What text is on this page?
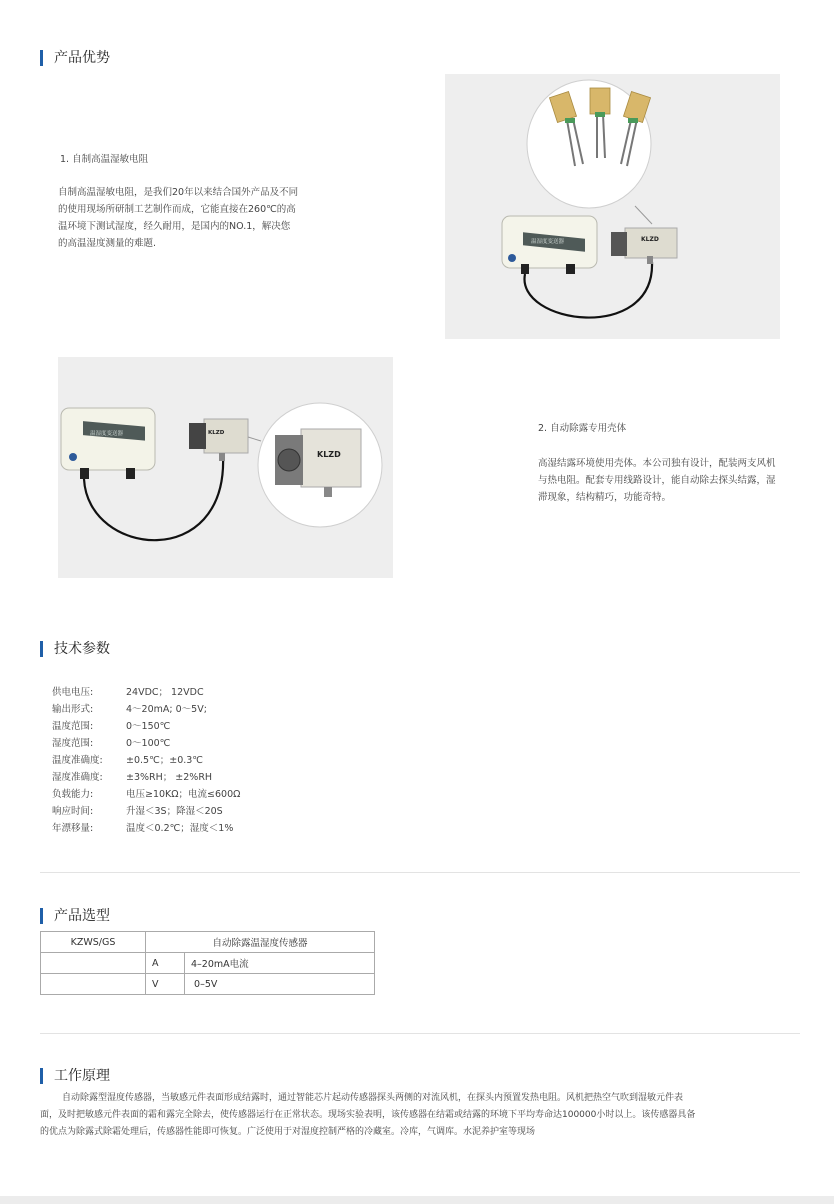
产品优势
1. 自制高温湿敏电阻
自制高温湿敏电阻，是我们20年以来结合国外产品及不同
的使用现场所研制工艺制作而成，它能直接在260℃的高
温环境下测试湿度，经久耐用，是国内的NO.1，解决您
的高温湿度测量的难题.	温湿度变送器	KLZD
温湿度变送器	KLZD
KLZD
2. 自动除露专用壳体
高湿结露环境使用壳体。本公司独有设计，配装两支风机
与热电阻。配套专用线路设计，能自动除去探头结露，湿
滞现象，结构精巧，功能奇特。
技术参数
供电电压:	24VDC； 12VDC
输出形式:	4～20mA; 0～5V;
温度范围:	0～150℃
湿度范围:	0～100℃
温度准确度:	±0.5℃；±0.3℃
湿度准确度:	±3%RH； ±2%RH
负载能力:	电压≥10KΩ；电流≤600Ω
响应时间:	升湿＜3S；降湿＜20S
年漂移量:	温度＜0.2℃；湿度＜1%
产品选型
KZWS/GS	自动除露温湿度传感器	
	A	4–20mA电流
	V	0–5V
工作原理
自动除露型湿度传感器，当敏感元件表面形成结露时，通过智能芯片起动传感器探头两侧的对流风机，在探头内预置发热电阻。风机把热空气吹到湿敏元件表
面，及时把敏感元件表面的霜和露完全除去，使传感器运行在正常状态。现场实验表明，该传感器在结霜或结露的环境下平均寿命达100000小时以上。该传感器具备
的优点为除露式除霜处理后，传感器性能即可恢复。广泛使用于对湿度控制严格的冷藏室。冷库，气调库。水泥养护室等现场
